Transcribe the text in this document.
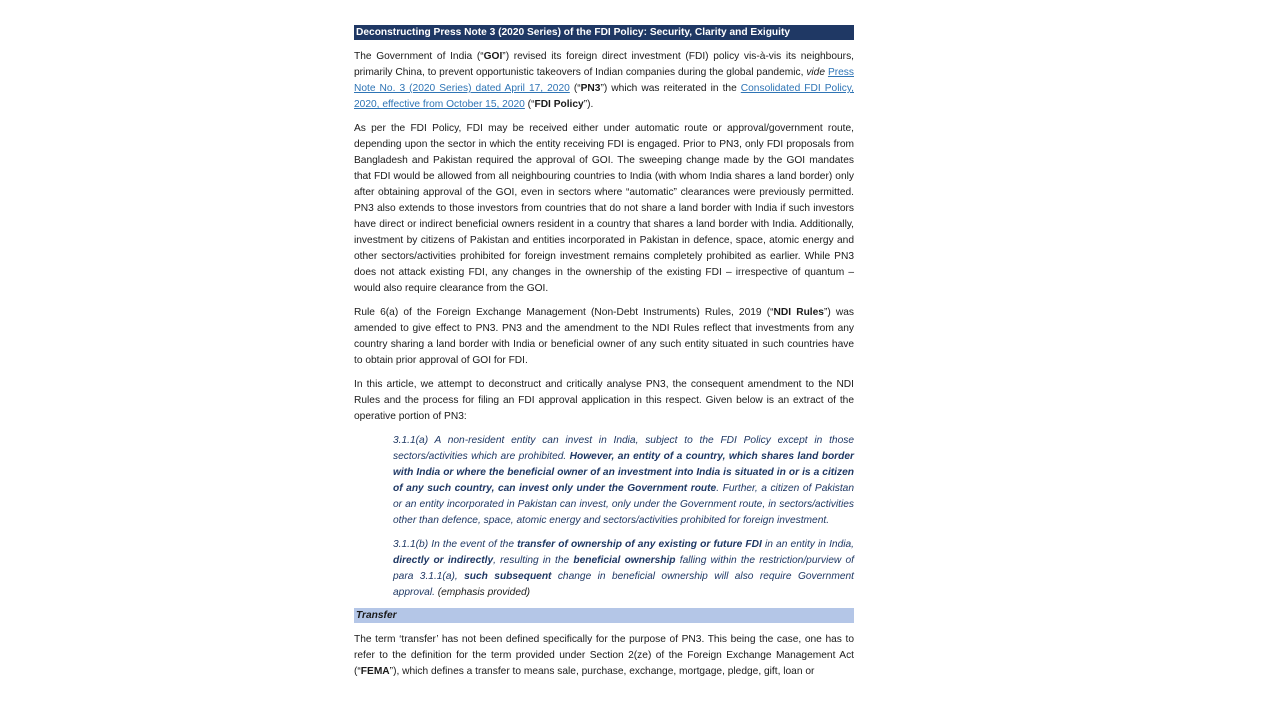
Deconstructing Press Note 3 (2020 Series) of the FDI Policy: Security, Clarity and Exiguity

The Government of India (“GOI”) revised its foreign direct investment (FDI) policy vis-à-vis its neighbours, primarily China, to prevent opportunistic takeovers of Indian companies during the global pandemic, vide Press Note No. 3 (2020 Series) dated April 17, 2020 (“PN3”) which was reiterated in the Consolidated FDI Policy, 2020, effective from October 15, 2020 (“FDI Policy”).

As per the FDI Policy, FDI may be received either under automatic route or approval/government route, depending upon the sector in which the entity receiving FDI is engaged. Prior to PN3, only FDI proposals from Bangladesh and Pakistan required the approval of GOI. The sweeping change made by the GOI mandates that FDI would be allowed from all neighbouring countries to India (with whom India shares a land border) only after obtaining approval of the GOI, even in sectors where “automatic” clearances were previously permitted. PN3 also extends to those investors from countries that do not share a land border with India if such investors have direct or indirect beneficial owners resident in a country that shares a land border with India. Additionally, investment by citizens of Pakistan and entities incorporated in Pakistan in defence, space, atomic energy and other sectors/activities prohibited for foreign investment remains completely prohibited as earlier. While PN3 does not attack existing FDI, any changes in the ownership of the existing FDI – irrespective of quantum – would also require clearance from the GOI.

Rule 6(a) of the Foreign Exchange Management (Non-Debt Instruments) Rules, 2019 (“NDI Rules”) was amended to give effect to PN3. PN3 and the amendment to the NDI Rules reflect that investments from any country sharing a land border with India or beneficial owner of any such entity situated in such countries have to obtain prior approval of GOI for FDI.

In this article, we attempt to deconstruct and critically analyse PN3, the consequent amendment to the NDI Rules and the process for filing an FDI approval application in this respect. Given below is an extract of the operative portion of PN3:

3.1.1(a) A non-resident entity can invest in India, subject to the FDI Policy except in those sectors/activities which are prohibited. However, an entity of a country, which shares land border with India or where the beneficial owner of an investment into India is situated in or is a citizen of any such country, can invest only under the Government route. Further, a citizen of Pakistan or an entity incorporated in Pakistan can invest, only under the Government route, in sectors/activities other than defence, space, atomic energy and sectors/activities prohibited for foreign investment.

3.1.1(b) In the event of the transfer of ownership of any existing or future FDI in an entity in India, directly or indirectly, resulting in the beneficial ownership falling within the restriction/purview of para 3.1.1(a), such subsequent change in beneficial ownership will also require Government approval. (emphasis provided)

Transfer

The term ‘transfer’ has not been defined specifically for the purpose of PN3. This being the case, one has to refer to the definition for the term provided under Section 2(ze) of the Foreign Exchange Management Act (“FEMA”), which defines a transfer to means sale, purchase, exchange, mortgage, pledge, gift, loan or
